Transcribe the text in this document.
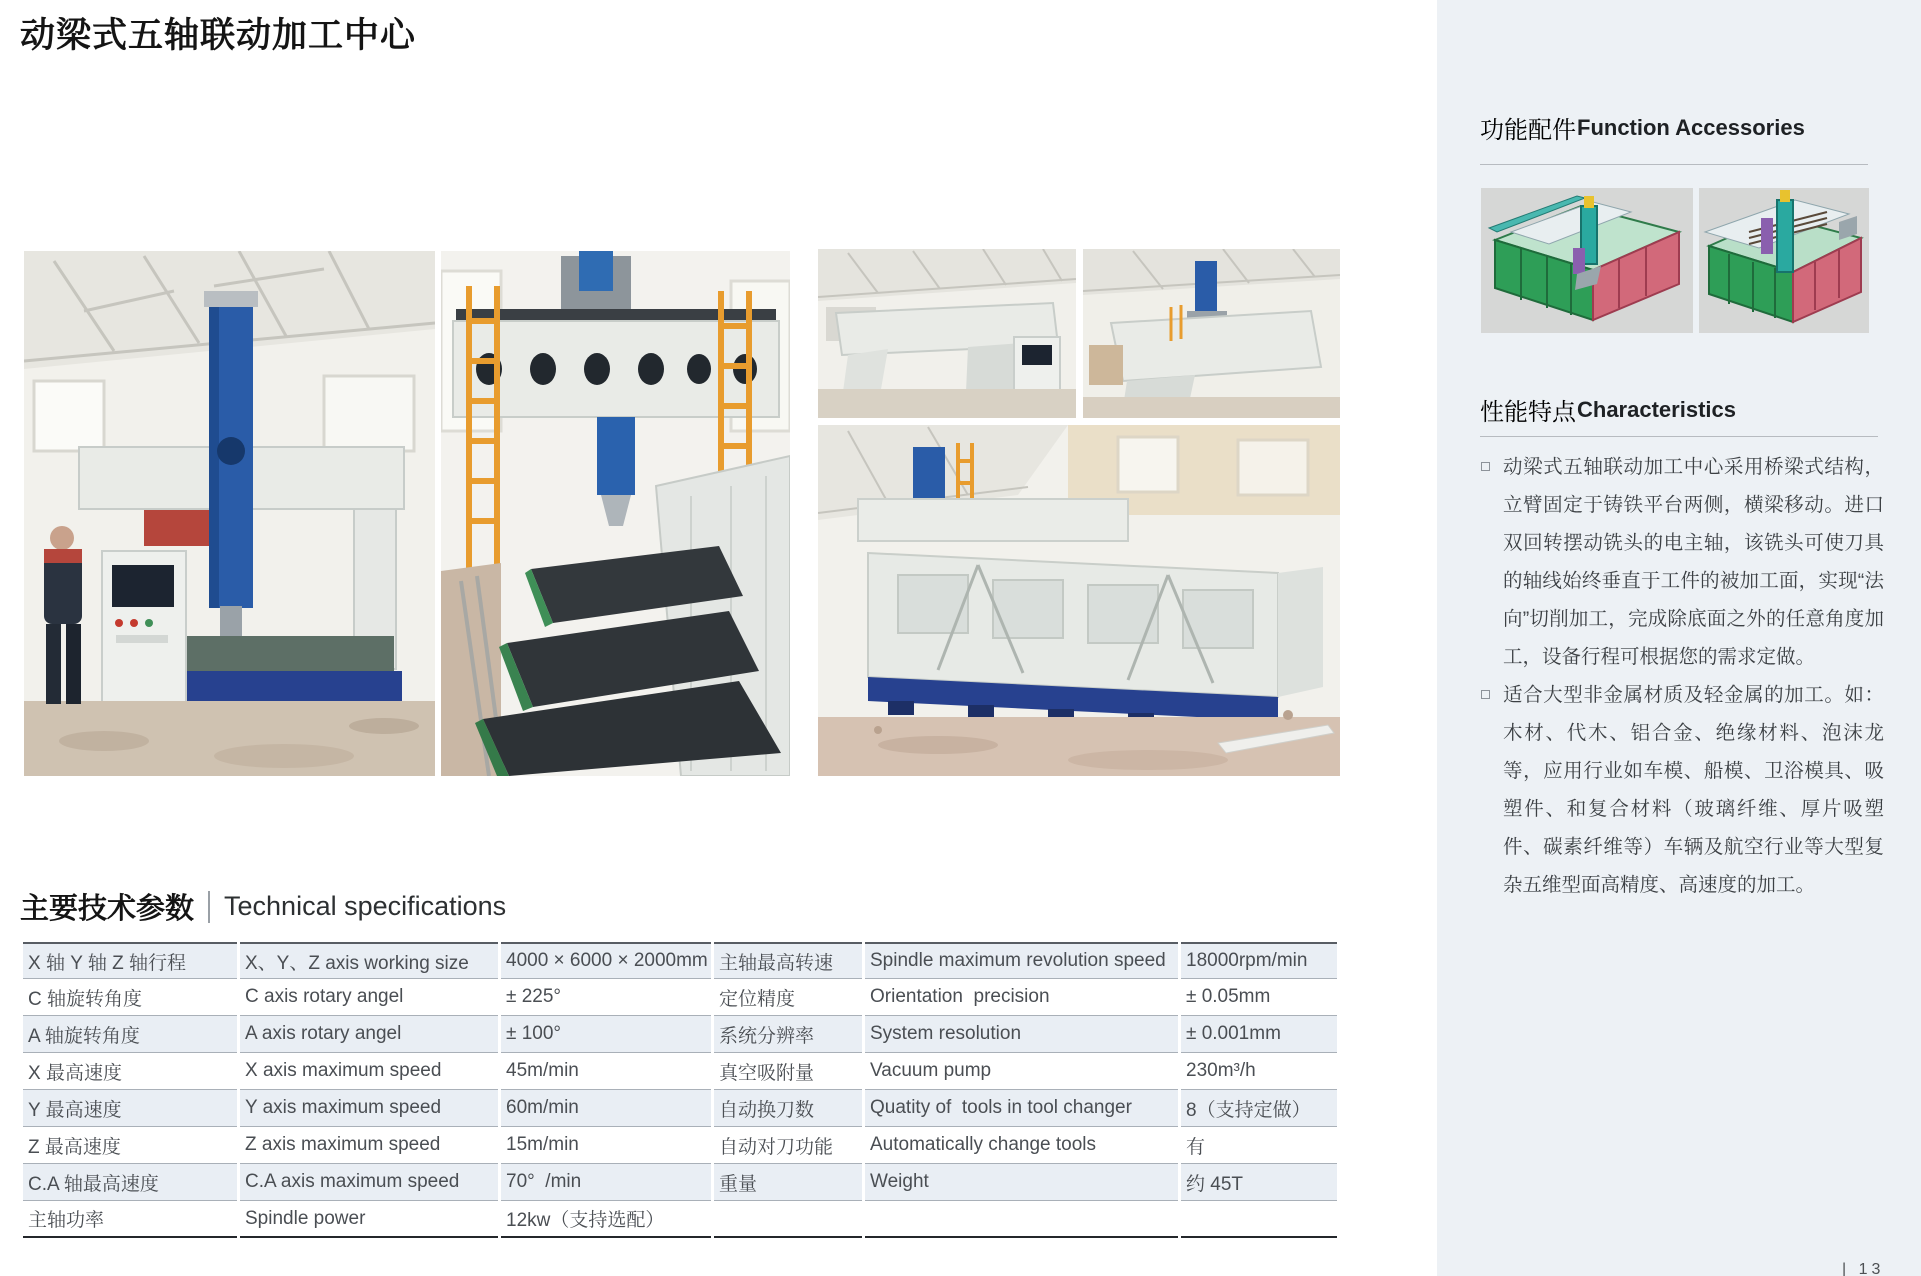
动梁式五轴联动加工中心
主要技术参数 Technical specifications
X 轴 Y 轴 Z 轴行程	X、Y、Z axis working size	4000 × 6000 × 2000mm	主轴最高转速	Spindle maximum revolution speed	18000rpm/min
C 轴旋转角度	C axis rotary angel	± 225°	定位精度	Orientation  precision	± 0.05mm
A 轴旋转角度	A axis rotary angel	± 100°	系统分辨率	System resolution	± 0.001mm
X 最高速度	X axis maximum speed	45m/min	真空吸附量	Vacuum pump	230m³/h
Y 最高速度	Y axis maximum speed	60m/min	自动换刀数	Quatity of  tools in tool changer	8（支持定做）
Z 最高速度	Z axis maximum speed	15m/min	自动对刀功能	Automatically change tools	有
C.A 轴最高速度	C.A axis maximum speed	70°  /min	重量	Weight	约 45T
主轴功率	Spindle power	12kw（支持选配）			
功能配件 Function Accessories
性能特点 Characteristics
动梁式五轴联动加工中心采用桥梁式结构，立臂固定于铸铁平台两侧，横梁移动。进口双回转摆动铣头的电主轴，该铣头可使刀具的轴线始终垂直于工件的被加工面，实现“法向”切削加工，完成除底面之外的任意角度加工，设备行程可根据您的需求定做。
适合大型非金属材质及轻金属的加工。如：木材、代木、铝合金、绝缘材料、泡沫龙等，应用行业如车模、船模、卫浴模具、吸塑件、和复合材料（玻璃纤维、厚片吸塑件、碳素纤维等）车辆及航空行业等大型复杂五维型面高精度、高速度的加工。
| 13
